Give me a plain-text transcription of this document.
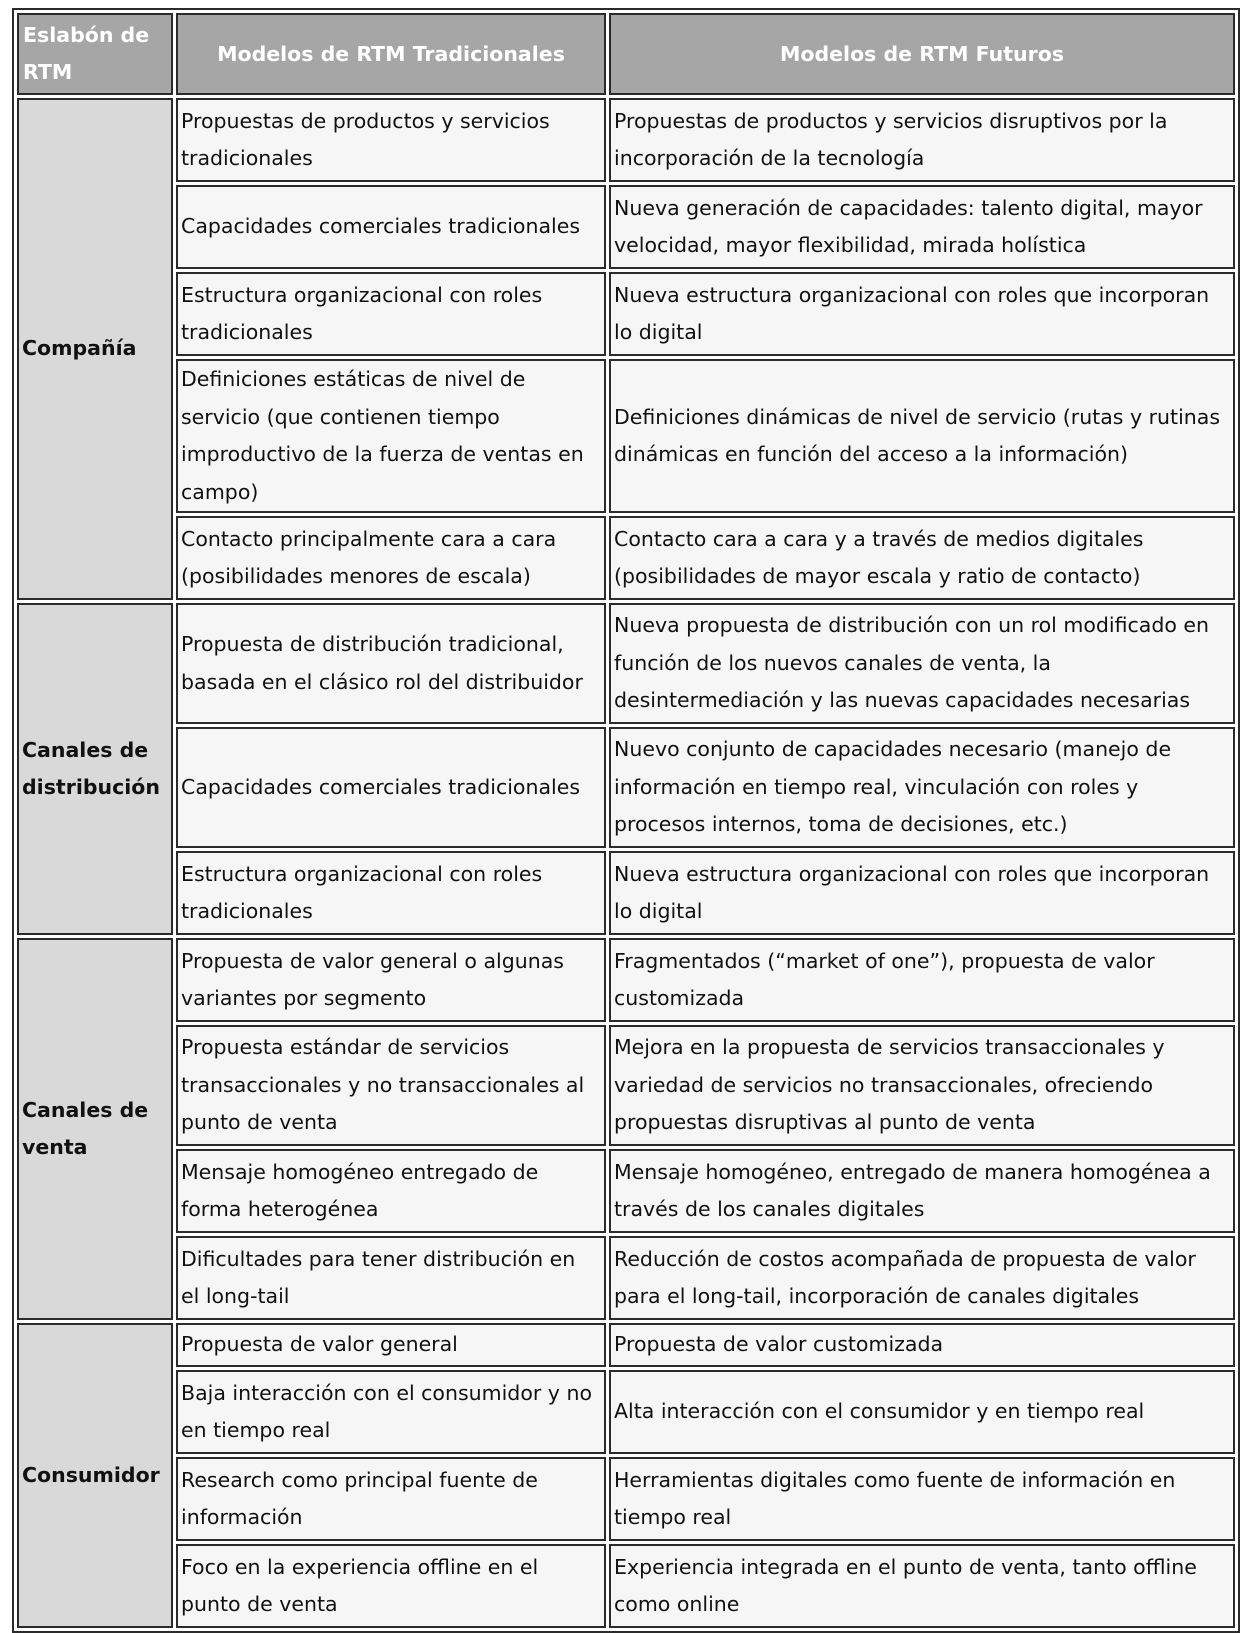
Eslabón de RTM	Modelos de RTM Tradicionales	Modelos de RTM Futuros
Compañía	Propuestas de productos y servicios tradicionales	Propuestas de productos y servicios disruptivos por la incorporación de la tecnología
	Capacidades comerciales tradicionales	Nueva generación de capacidades: talento digital, mayor velocidad, mayor flexibilidad, mirada holística
	Estructura organizacional con roles tradicionales	Nueva estructura organizacional con roles que incorporan lo digital
	Definiciones estáticas de nivel de servicio (que contienen tiempo improductivo de la fuerza de ventas en campo)	Definiciones dinámicas de nivel de servicio (rutas y rutinas dinámicas en función del acceso a la información)
	Contacto principalmente cara a cara (posibilidades menores de escala)	Contacto cara a cara y a través de medios digitales (posibilidades de mayor escala y ratio de contacto)
Canales de distribución	Propuesta de distribución tradicional, basada en el clásico rol del distribuidor	Nueva propuesta de distribución con un rol modificado en función de los nuevos canales de venta, la desintermediación y las nuevas capacidades necesarias
	Capacidades comerciales tradicionales	Nuevo conjunto de capacidades necesario (manejo de información en tiempo real, vinculación con roles y procesos internos, toma de decisiones, etc.)
	Estructura organizacional con roles tradicionales	Nueva estructura organizacional con roles que incorporan lo digital
Canales de venta	Propuesta de valor general o algunas variantes por segmento	Fragmentados (“market of one”), propuesta de valor customizada
	Propuesta estándar de servicios transaccionales y no transaccionales al punto de venta	Mejora en la propuesta de servicios transaccionales y variedad de servicios no transaccionales, ofreciendo propuestas disruptivas al punto de venta
	Mensaje homogéneo entregado de forma heterogénea	Mensaje homogéneo, entregado de manera homogénea a través de los canales digitales
	Dificultades para tener distribución en el long-tail	Reducción de costos acompañada de propuesta de valor para el long-tail, incorporación de canales digitales
Consumidor	Propuesta de valor general	Propuesta de valor customizada
	Baja interacción con el consumidor y no en tiempo real	Alta interacción con el consumidor y en tiempo real
	Research como principal fuente de información	Herramientas digitales como fuente de información en tiempo real
	Foco en la experiencia offline en el punto de venta	Experiencia integrada en el punto de venta, tanto offline como online
